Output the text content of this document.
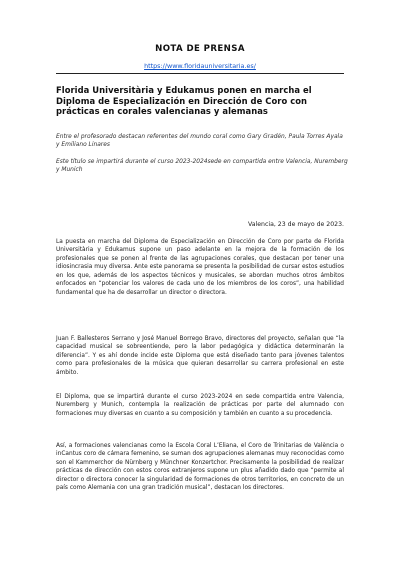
NOTA DE PRENSA
https://www.floridauniversitaria.es/
Florida Universitària y Edukamus ponen en marcha el Diploma de Especialización en Dirección de Coro con prácticas en corales valencianas y alemanas
Entre el profesorado destacan referentes del mundo coral como Gary Gradén, Paula Torres Ayala y Emiliano Linares
Este título se impartirá durante el curso 2023-2024sede en compartida entre Valencia, Nuremberg y Munich
Valencia, 23 de mayo de 2023.
La puesta en marcha del Diploma de Especialización en Dirección de Coro por parte de Florida Universitària y Edukamus supone un paso adelante en la mejora de la formación de los profesionales que se ponen al frente de las agrupaciones corales, que destacan por tener una idiosincrasia muy diversa. Ante este panorama se presenta la posibilidad de cursar estos estudios en los que, además de los aspectos técnicos y musicales, se abordan muchos otros ámbitos enfocados en “potenciar los valores de cada uno de los miembros de los coros”, una habilidad fundamental que ha de desarrollar un director o directora.
Juan F. Ballesteros Serrano y José Manuel Borrego Bravo, directores del proyecto, señalan que “la capacidad musical se sobreentiende, pero la labor pedagógica y didáctica determinarán la diferencia”. Y es ahí donde incide este Diploma que está diseñado tanto para jóvenes talentos como para profesionales de la música que quieran desarrollar su carrera profesional en este ámbito.
El Diploma, que se impartirá durante el curso 2023-2024 en sede compartida entre Valencia, Nuremberg y Munich, contempla la realización de prácticas por parte del alumnado con formaciones muy diversas en cuanto a su composición y también en cuanto a su procedencia.
Así, a formaciones valencianas como la Escola Coral L’Eliana, el Coro de Trinitarias de València o inCantus coro de cámara femenino, se suman dos agrupaciones alemanas muy reconocidas como son el Kammerchor de Nürnberg y Münchner Konzertchor. Precisamente la posibilidad de realizar prácticas de dirección con estos coros extranjeros supone un plus añadido dado que “permite al director o directora conocer la singularidad de formaciones de otros territorios, en concreto de un país como Alemania con una gran tradición musical”, destacan los directores.
